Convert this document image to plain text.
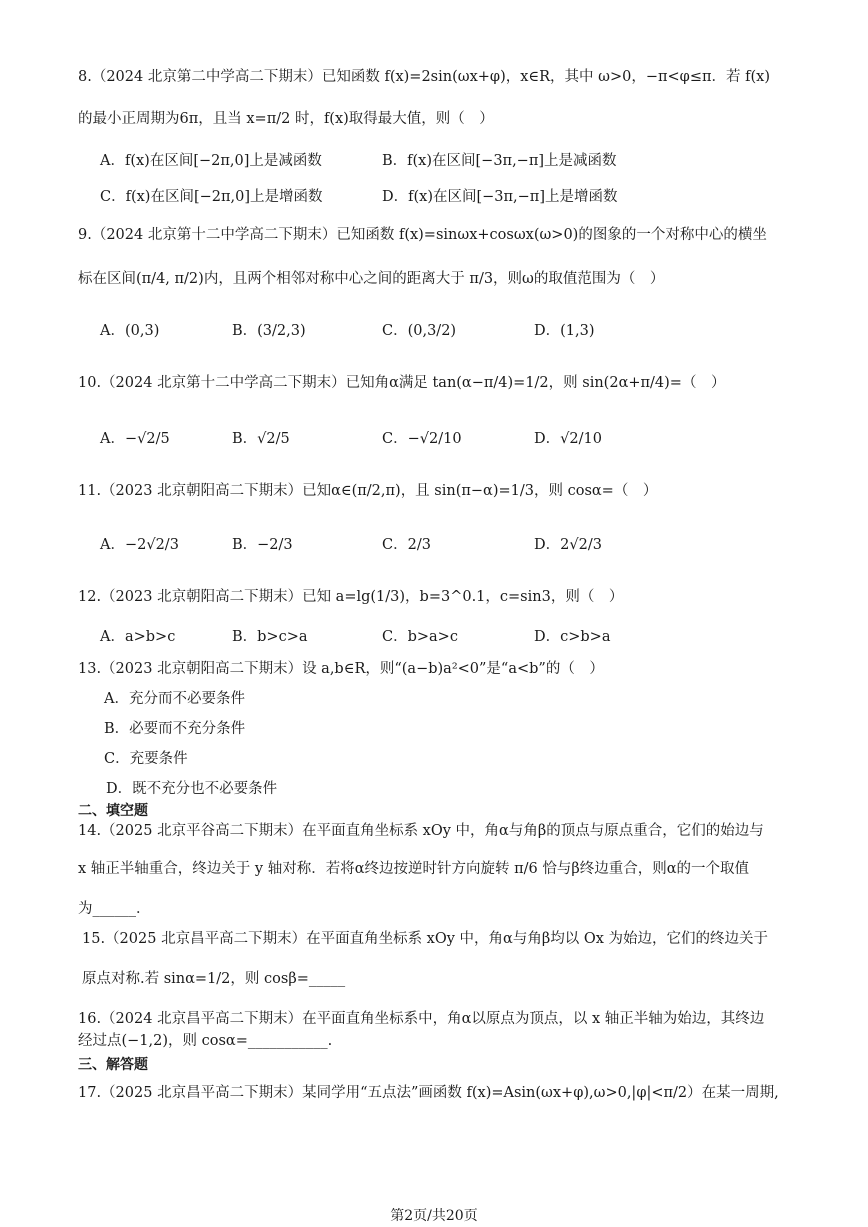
8.（2024 北京第二中学高二下期末）已知函数 f(x)=2sin(ωx+φ)，x∈R，其中 ω>0，−π<φ≤π．若 f(x)
的最小正周期为6π，且当 x=π/2 时，f(x)取得最大值，则（　）
A．f(x)在区间[−2π,0]上是减函数	B．f(x)在区间[−3π,−π]上是减函数
C．f(x)在区间[−2π,0]上是增函数	D．f(x)在区间[−3π,−π]上是增函数
9.（2024 北京第十二中学高二下期末）已知函数 f(x)=sinωx+cosωx(ω>0)的图象的一个对称中心的横坐
标在区间(π/4, π/2)内，且两个相邻对称中心之间的距离大于 π/3，则ω的取值范围为（　）
A．(0,3)	B．(3/2,3)	C．(0,3/2)	D．(1,3)
10.（2024 北京第十二中学高二下期末）已知角α满足 tan(α−π/4)=1/2，则 sin(2α+π/4)=（　）
A．−√2/5	B．√2/5	C．−√2/10	D．√2/10
11.（2023 北京朝阳高二下期末）已知α∈(π/2,π)，且 sin(π−α)=1/3，则 cosα=（　）
A．−2√2/3	B．−2/3	C．2/3	D．2√2/3
12.（2023 北京朝阳高二下期末）已知 a=lg(1/3)，b=3^0.1，c=sin3，则（　）
A．a>b>c	B．b>c>a	C．b>a>c	D．c>b>a
13.（2023 北京朝阳高二下期末）设 a,b∈R，则“(a−b)a²<0”是“a<b”的（　）
A．充分而不必要条件
B．必要而不充分条件
C．充要条件
D．既不充分也不必要条件
二、填空题
14.（2025 北京平谷高二下期末）在平面直角坐标系 xOy 中，角α与角β的顶点与原点重合，它们的始边与
x 轴正半轴重合，终边关于 y 轴对称．若将α终边按逆时针方向旋转 π/6 恰与β终边重合，则α的一个取值
为______．
15.（2025 北京昌平高二下期末）在平面直角坐标系 xOy 中，角α与角β均以 Ox 为始边，它们的终边关于
原点对称.若 sinα=1/2，则 cosβ=_____
16.（2024 北京昌平高二下期末）在平面直角坐标系中，角α以原点为顶点，以 x 轴正半轴为始边，其终边
经过点(−1,2)，则 cosα=___________.
三、解答题
17.（2025 北京昌平高二下期末）某同学用“五点法”画函数 f(x)=Asin(ωx+φ),ω>0,|φ|<π/2）在某一周期,
第2页/共20页
